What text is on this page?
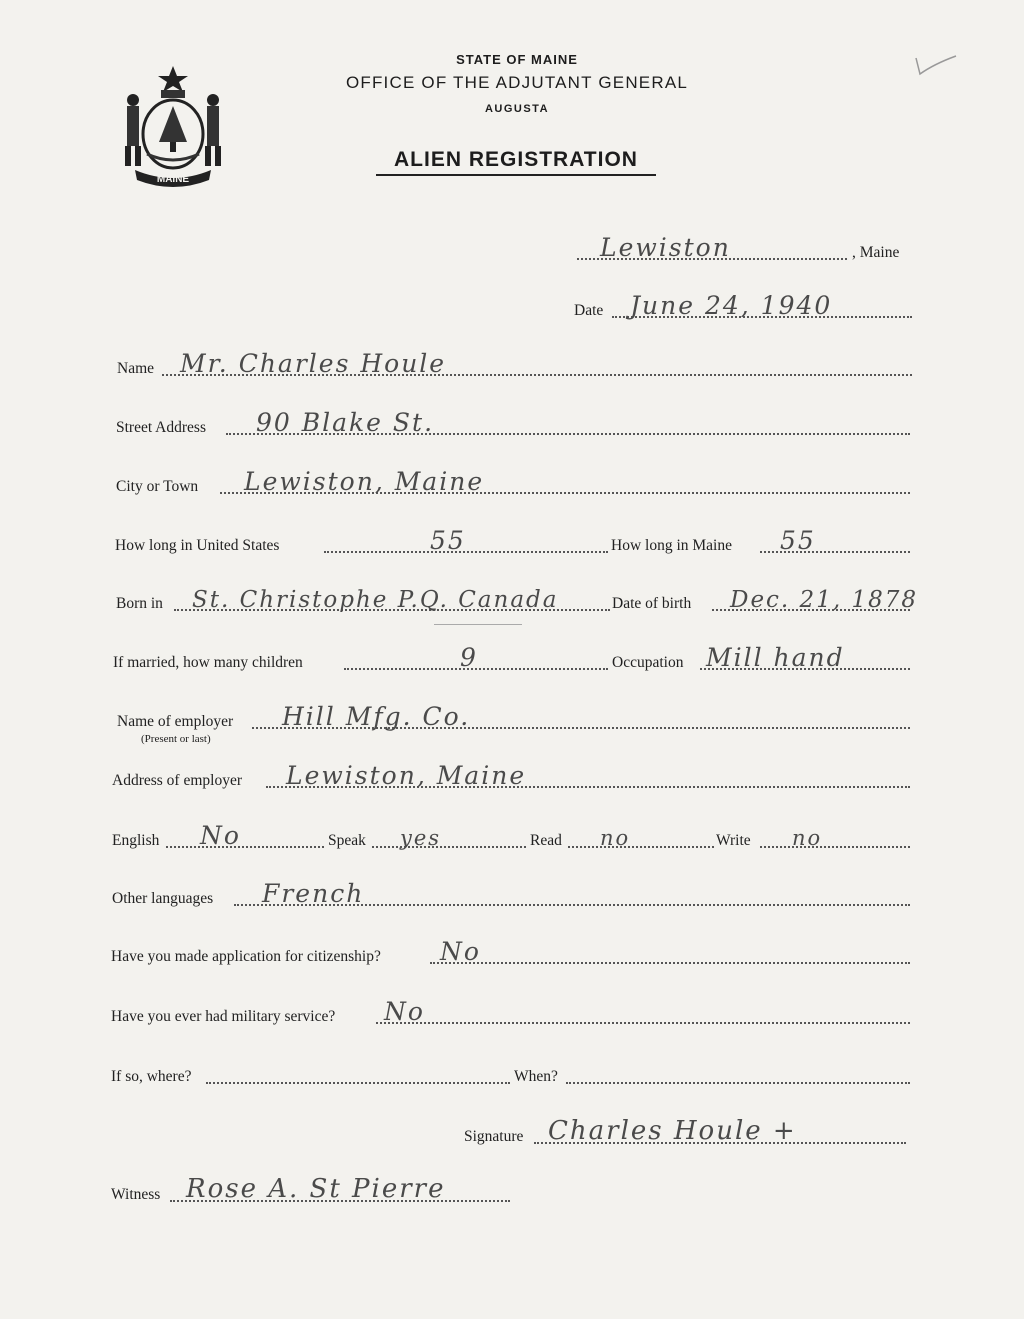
MAINE
STATE OF MAINE
OFFICE OF THE ADJUTANT GENERAL
AUGUSTA
ALIEN REGISTRATION
Lewiston	, Maine
Date June 24, 1940
Name Mr. Charles Houle
Street Address 90 Blake St.
City or Town Lewiston, Maine
How long in United States	55	How long in Maine 55
Born in St. Christophe P.Q. Canada	Date of birth Dec. 21, 1878
If married, how many children	9	Occupation Mill hand
Name of employer Hill Mfg. Co.
(Present or last)
Address of employer Lewiston, Maine
English No	Speak yes	Read no	Write no
Other languages French
Have you made application for citizenship? No
Have you ever had military service? No
If so, where?	When?
Signature Charles Houle +
Witness Rose A. St Pierre
